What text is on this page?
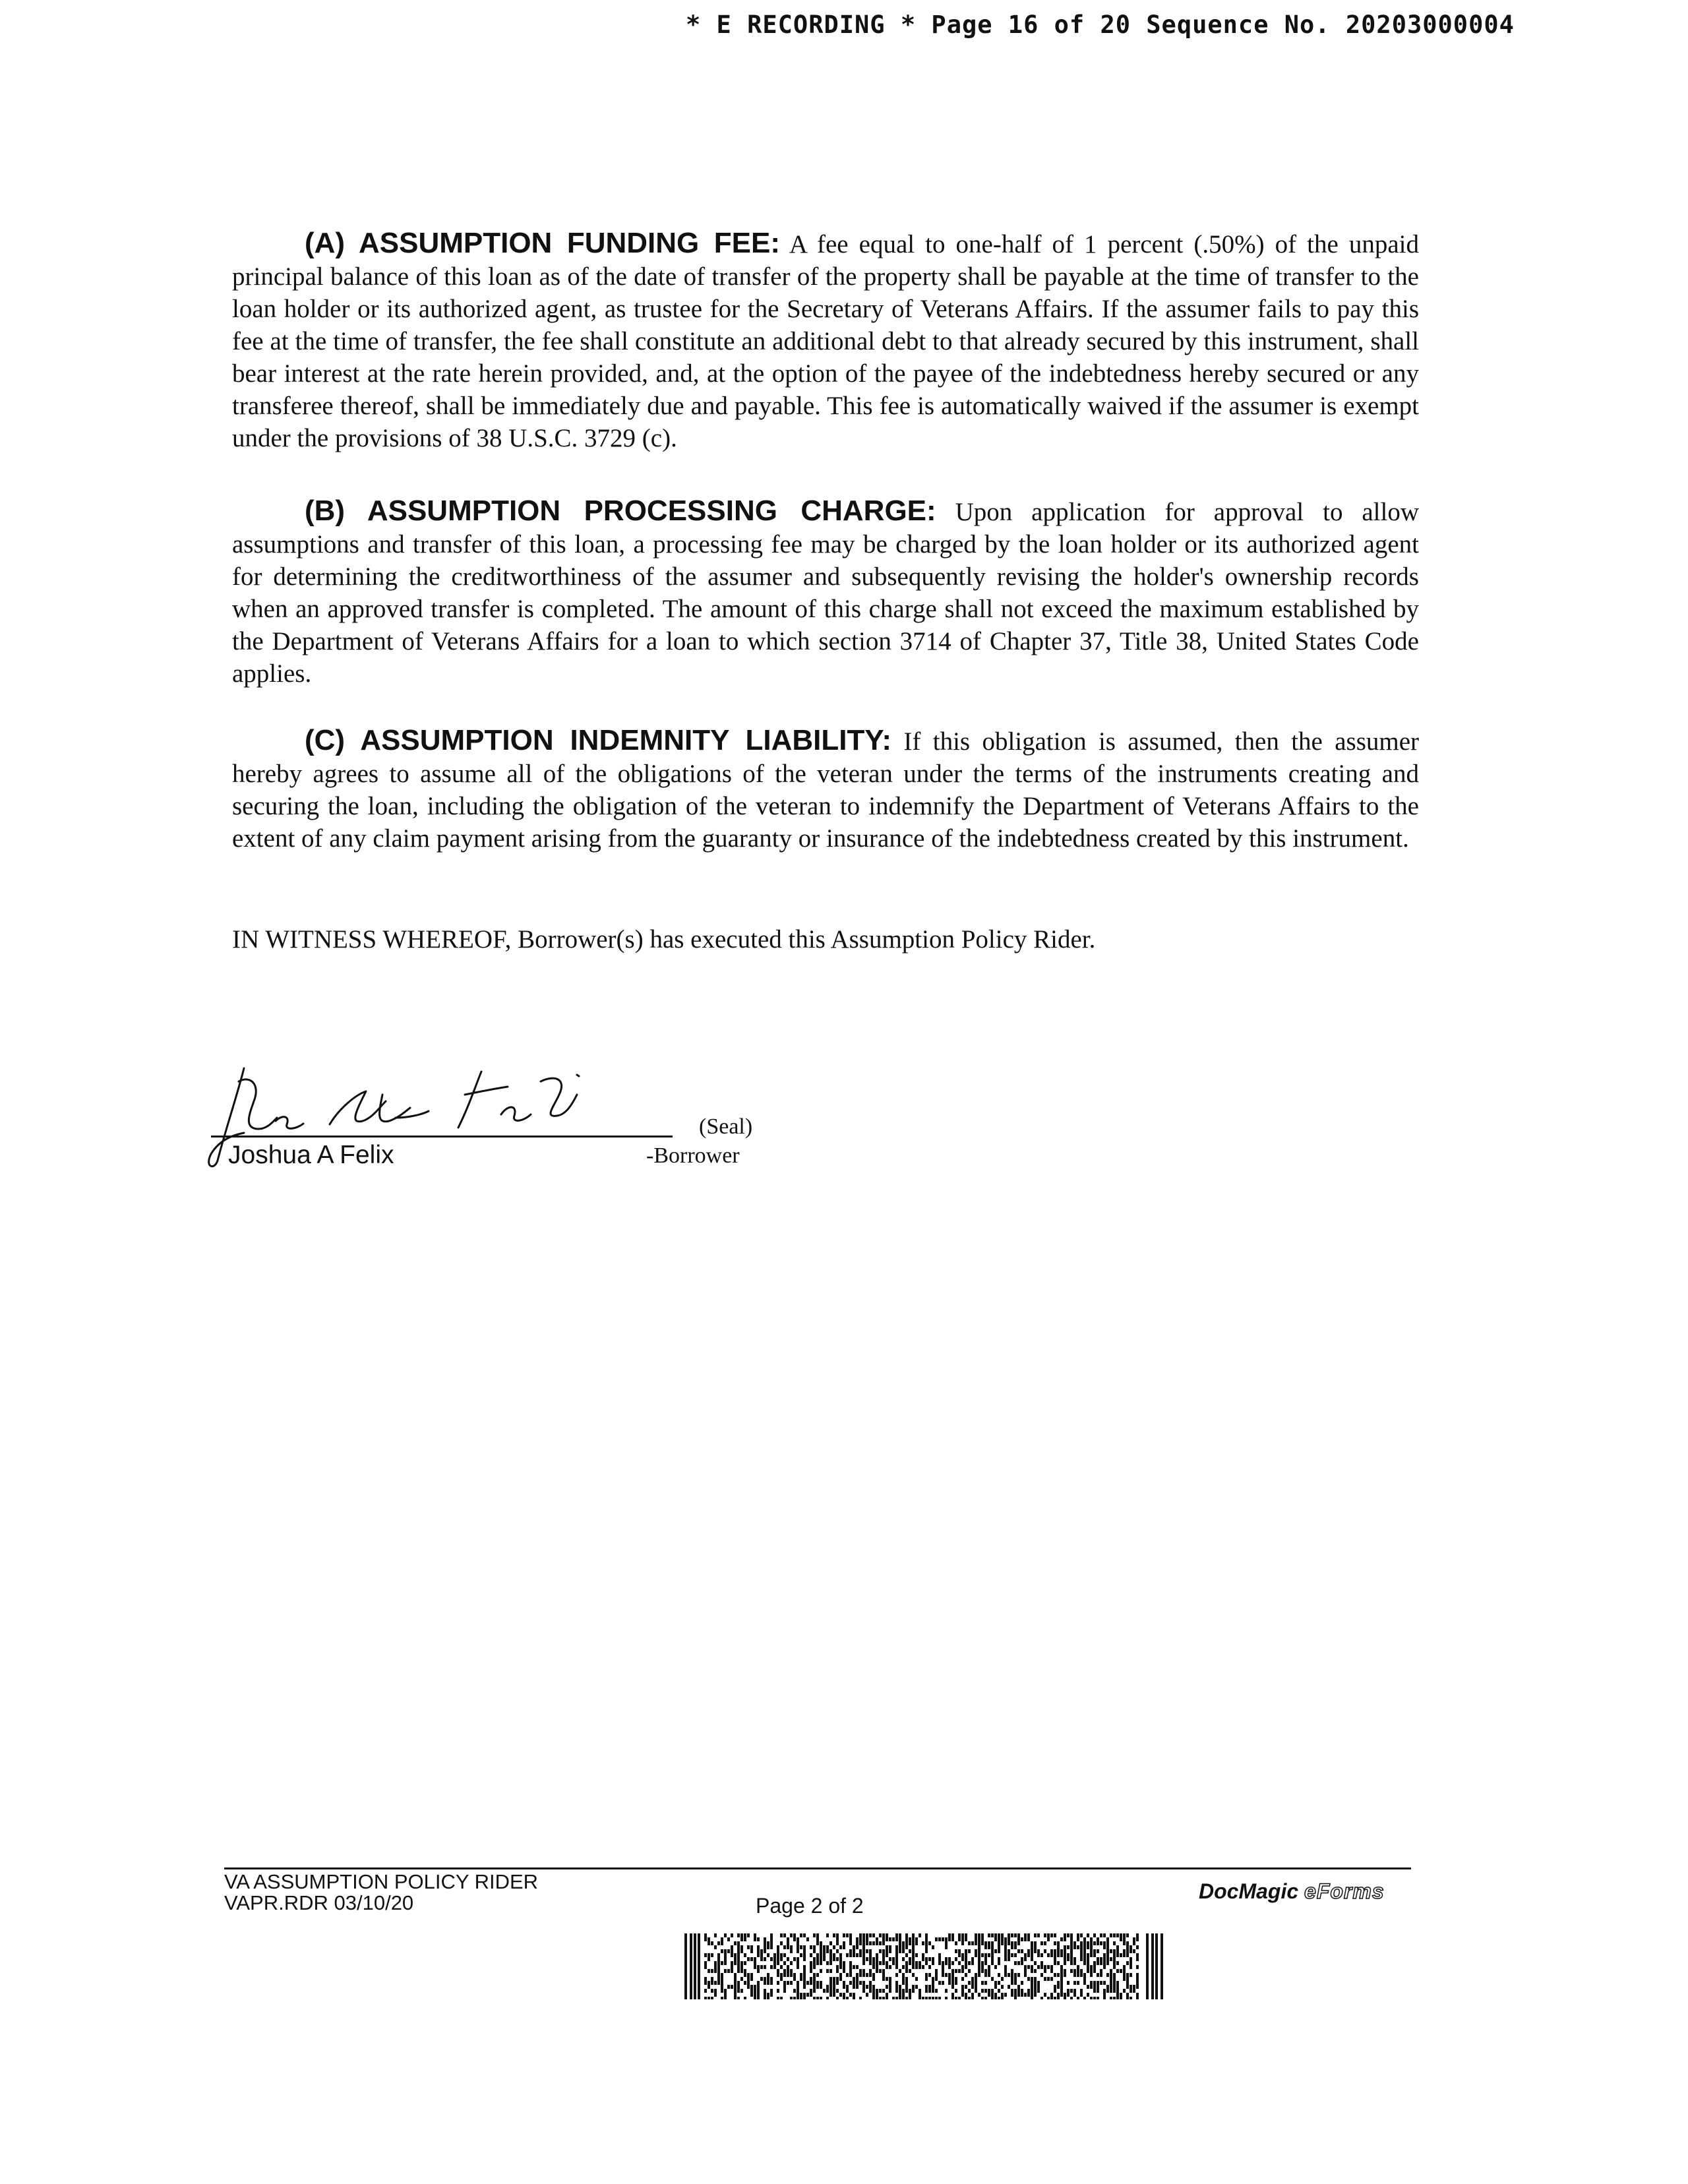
* E RECORDING * Page 16 of 20 Sequence No. 20203000004
(A) ASSUMPTION FUNDING FEE: A fee equal to one-half of 1 percent (.50%) of the unpaid principal balance of this loan as of the date of transfer of the property shall be payable at the time of transfer to the loan holder or its authorized agent, as trustee for the Secretary of Veterans Affairs. If the assumer fails to pay this fee at the time of transfer, the fee shall constitute an additional debt to that already secured by this instrument, shall bear interest at the rate herein provided, and, at the option of the payee of the indebtedness hereby secured or any transferee thereof, shall be immediately due and payable. This fee is automatically waived if the assumer is exempt under the provisions of 38 U.S.C. 3729 (c).
(B) ASSUMPTION PROCESSING CHARGE: Upon application for approval to allow assumptions and transfer of this loan, a processing fee may be charged by the loan holder or its authorized agent for determining the creditworthiness of the assumer and subsequently revising the holder's ownership records when an approved transfer is completed. The amount of this charge shall not exceed the maximum established by the Department of Veterans Affairs for a loan to which section 3714 of Chapter 37, Title 38, United States Code applies.
(C) ASSUMPTION INDEMNITY LIABILITY: If this obligation is assumed, then the assumer hereby agrees to assume all of the obligations of the veteran under the terms of the instruments creating and securing the loan, including the obligation of the veteran to indemnify the Department of Veterans Affairs to the extent of any claim payment arising from the guaranty or insurance of the indebtedness created by this instrument.
IN WITNESS WHEREOF, Borrower(s) has executed this Assumption Policy Rider.
(Seal)
Joshua A Felix	-Borrower
VA ASSUMPTION POLICY RIDER
VAPR.RDR 03/10/20	Page 2 of 2
DocMagic eForms
